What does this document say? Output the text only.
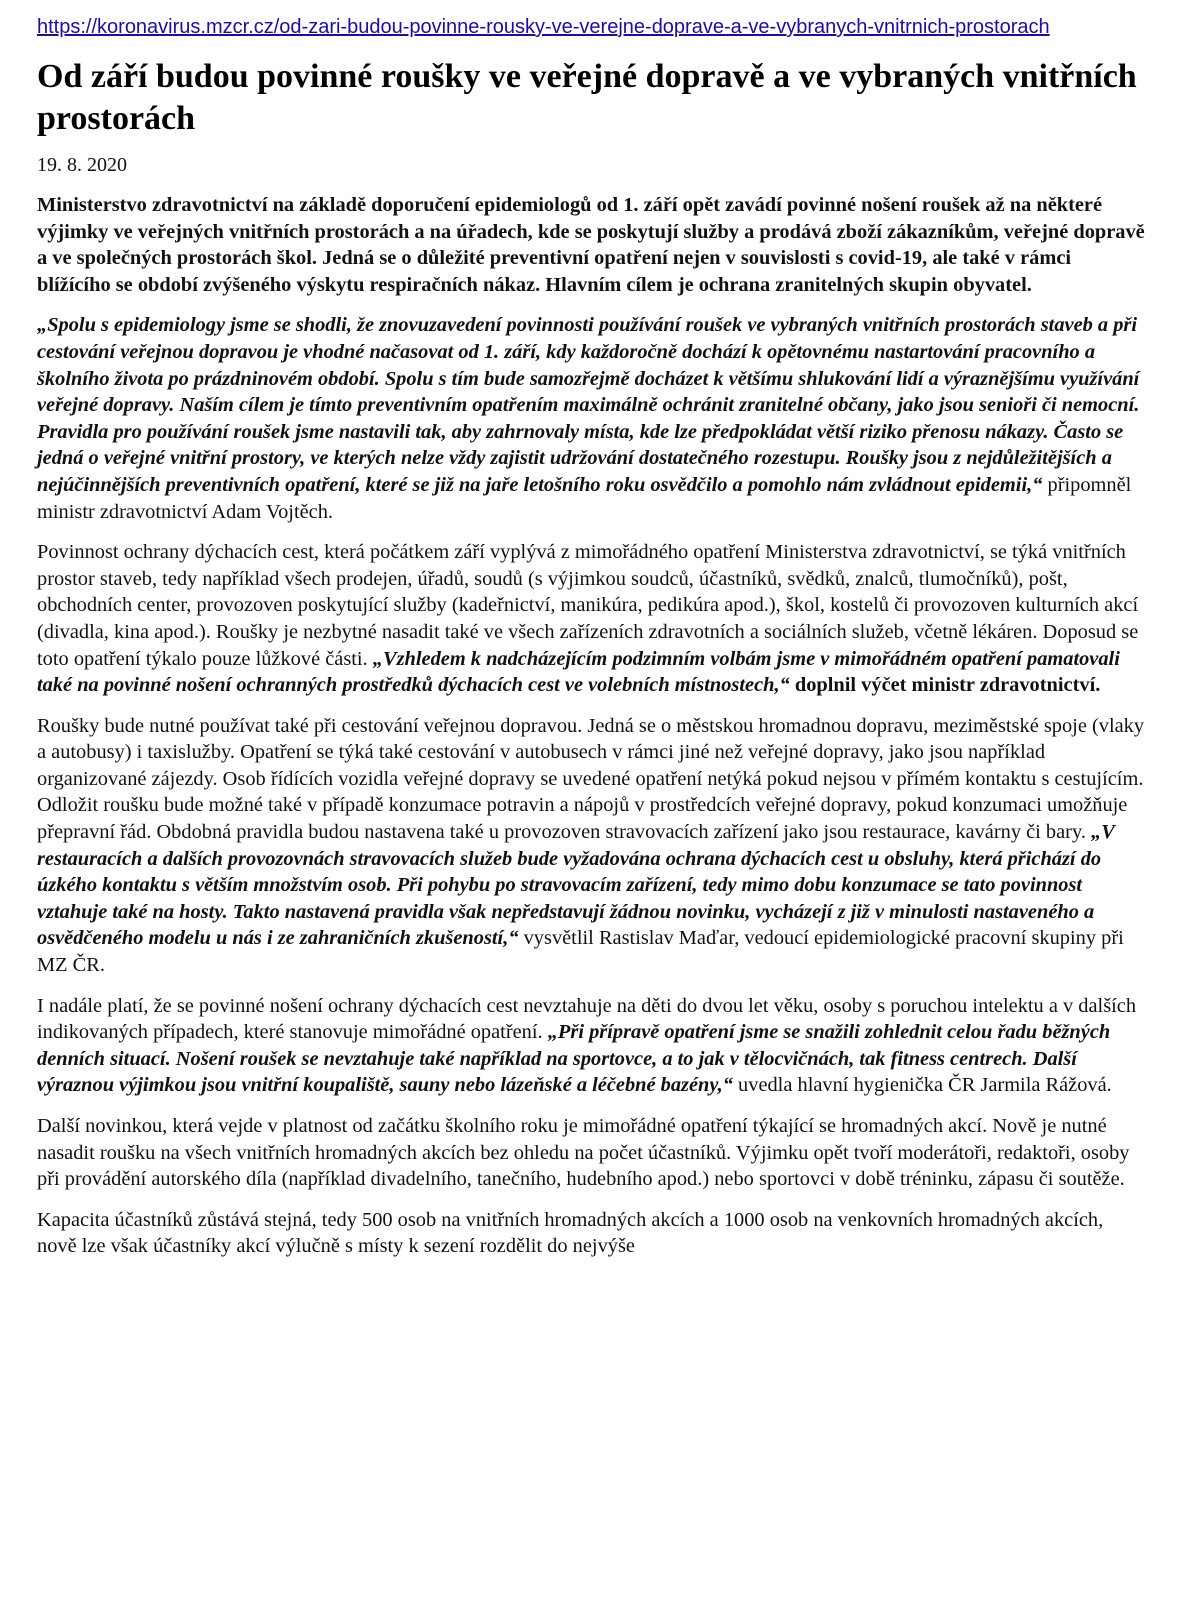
https://koronavirus.mzcr.cz/od-zari-budou-povinne-rousky-ve-verejne-doprave-a-ve-vybranych-vnitrnich-prostorach
Od září budou povinné roušky ve veřejné dopravě a ve vybraných vnitřních prostorách
19. 8. 2020

Ministerstvo zdravotnictví na základě doporučení epidemiologů od 1. září opět zavádí povinné nošení roušek až na některé výjimky ve veřejných vnitřních prostorách a na úřadech, kde se poskytují služby a prodává zboží zákazníkům, veřejné dopravě a ve společných prostorách škol. Jedná se o důležité preventivní opatření nejen v souvislosti s covid-19, ale také v rámci blížícího se období zvýšeného výskytu respiračních nákaz. Hlavním cílem je ochrana zranitelných skupin obyvatel.

„Spolu s epidemiology jsme se shodli, že znovuzavedení povinnosti používání roušek ve vybraných vnitřních prostorách staveb a při cestování veřejnou dopravou je vhodné načasovat od 1. září, kdy každoročně dochází k opětovnému nastartování pracovního a školního života po prázdninovém období. Spolu s tím bude samozřejmě docházet k většímu shlukování lidí a výraznějšímu využívání veřejné dopravy. Naším cílem je tímto preventivním opatřením maximálně ochránit zranitelné občany, jako jsou senioři či nemocní. Pravidla pro používání roušek jsme nastavili tak, aby zahrnovaly místa, kde lze předpokládat větší riziko přenosu nákazy. Často se jedná o veřejné vnitřní prostory, ve kterých nelze vždy zajistit udržování dostatečného rozestupu. Roušky jsou z nejdůležitějších a nejúčinnějších preventivních opatření, které se již na jaře letošního roku osvědčilo a pomohlo nám zvládnout epidemii,“ připomněl ministr zdravotnictví Adam Vojtěch.

Povinnost ochrany dýchacích cest, která počátkem září vyplývá z mimořádného opatření Ministerstva zdravotnictví, se týká vnitřních prostor staveb, tedy například všech prodejen, úřadů, soudů (s výjimkou soudců, účastníků, svědků, znalců, tlumočníků), pošt, obchodních center, provozoven poskytující služby (kadeřnictví, manikúra, pedikúra apod.), škol, kostelů či provozoven kulturních akcí (divadla, kina apod.). Roušky je nezbytné nasadit také ve všech zařízeních zdravotních a sociálních služeb, včetně lékáren. Doposud se toto opatření týkalo pouze lůžkové části. „Vzhledem k nadcházejícím podzimním volbám jsme v mimořádném opatření pamatovali také na povinné nošení ochranných prostředků dýchacích cest ve volebních místnostech,“ doplnil výčet ministr zdravotnictví.

Roušky bude nutné používat také při cestování veřejnou dopravou. Jedná se o městskou hromadnou dopravu, meziměstské spoje (vlaky a autobusy) i taxislužby. Opatření se týká také cestování v autobusech v rámci jiné než veřejné dopravy, jako jsou například organizované zájezdy. Osob řídících vozidla veřejné dopravy se uvedené opatření netýká pokud nejsou v přímém kontaktu s cestujícím. Odložit roušku bude možné také v případě konzumace potravin a nápojů v prostředcích veřejné dopravy, pokud konzumaci umožňuje přepravní řád. Obdobná pravidla budou nastavena také u provozoven stravovacích zařízení jako jsou restaurace, kavárny či bary. „V restauracích a dalších provozovnách stravovacích služeb bude vyžadována ochrana dýchacích cest u obsluhy, která přichází do úzkého kontaktu s větším množstvím osob. Při pohybu po stravovacím zařízení, tedy mimo dobu konzumace se tato povinnost vztahuje také na hosty. Takto nastavená pravidla však nepředstavují žádnou novinku, vycházejí z již v minulosti nastaveného a osvědčeného modelu u nás i ze zahraničních zkušeností,“ vysvětlil Rastislav Maďar, vedoucí epidemiologické pracovní skupiny při MZ ČR.

I nadále platí, že se povinné nošení ochrany dýchacích cest nevztahuje na děti do dvou let věku, osoby s poruchou intelektu a v dalších indikovaných případech, které stanovuje mimořádné opatření. „Při přípravě opatření jsme se snažili zohlednit celou řadu běžných denních situací. Nošení roušek se nevztahuje také například na sportovce, a to jak v tělocvičnách, tak fitness centrech. Další výraznou výjimkou jsou vnitřní koupaliště, sauny nebo lázeňské a léčebné bazény,“ uvedla hlavní hygienička ČR Jarmila Rážová.

Další novinkou, která vejde v platnost od začátku školního roku je mimořádné opatření týkající se hromadných akcí. Nově je nutné nasadit roušku na všech vnitřních hromadných akcích bez ohledu na počet účastníků. Výjimku opět tvoří moderátoři, redaktoři, osoby při provádění autorského díla (například divadelního, tanečního, hudebního apod.) nebo sportovci v době tréninku, zápasu či soutěže.

Kapacita účastníků zůstává stejná, tedy 500 osob na vnitřních hromadných akcích a 1000 osob na venkovních hromadných akcích, nově lze však účastníky akcí výlučně s místy k sezení rozdělit do nejvýše
